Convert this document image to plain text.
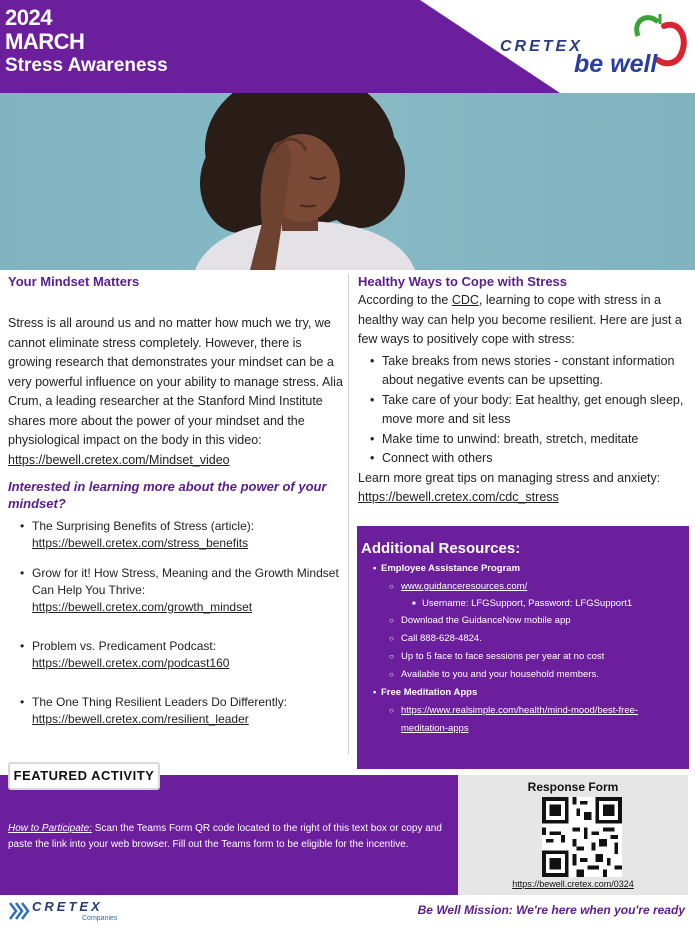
2024
MARCH
Stress Awareness
CRETEX
be well
Your Mindset Matters
Stress is all around us and no matter how much we try, we cannot eliminate stress completely. However, there is growing research that demonstrates your mindset can be a very powerful influence on your ability to manage stress. Alia Crum, a leading researcher at the Stanford Mind Institute shares more about the power of your mindset and the physiological impact on the body in this video:
https://bewell.cretex.com/Mindset_video
Interested in learning more about the power of your mindset?
• The Surprising Benefits of Stress (article):
https://bewell.cretex.com/stress_benefits
• Grow for it! How Stress, Meaning and the Growth Mindset Can Help You Thrive:
https://bewell.cretex.com/growth_mindset
• Problem vs. Predicament Podcast:
https://bewell.cretex.com/podcast160
• The One Thing Resilient Leaders Do Differently:
https://bewell.cretex.com/resilient_leader
Healthy Ways to Cope with Stress
According to the CDC, learning to cope with stress in a healthy way can help you become resilient. Here are just a few ways to positively cope with stress:
• Take breaks from news stories - constant information about negative events can be upsetting.
• Take care of your body: Eat healthy, get enough sleep, move more and sit less
• Make time to unwind: breath, stretch, meditate
• Connect with others
Learn more great tips on managing stress and anxiety:
https://bewell.cretex.com/cdc_stress
Additional Resources:
• Employee Assistance Program
○ www.guidanceresources.com/
■ Username: LFGSupport, Password: LFGSupport1
○ Download the GuidanceNow mobile app
○ Call 888-628-4824.
○ Up to 5 face to face sessions per year at no cost
○ Available to you and your household members.
• Free Meditation Apps
○ https://www.realsimple.com/health/mind-mood/best-free-meditation-apps
FEATURED ACTIVITY
How to Participate: Scan the Teams Form QR code located to the right of this text box or copy and paste the link into your web browser. Fill out the Teams form to be eligible for the incentive.
Response Form
https://bewell.cretex.com/0324
CRETEX
Companies
Be Well Mission: We're here when you're ready
